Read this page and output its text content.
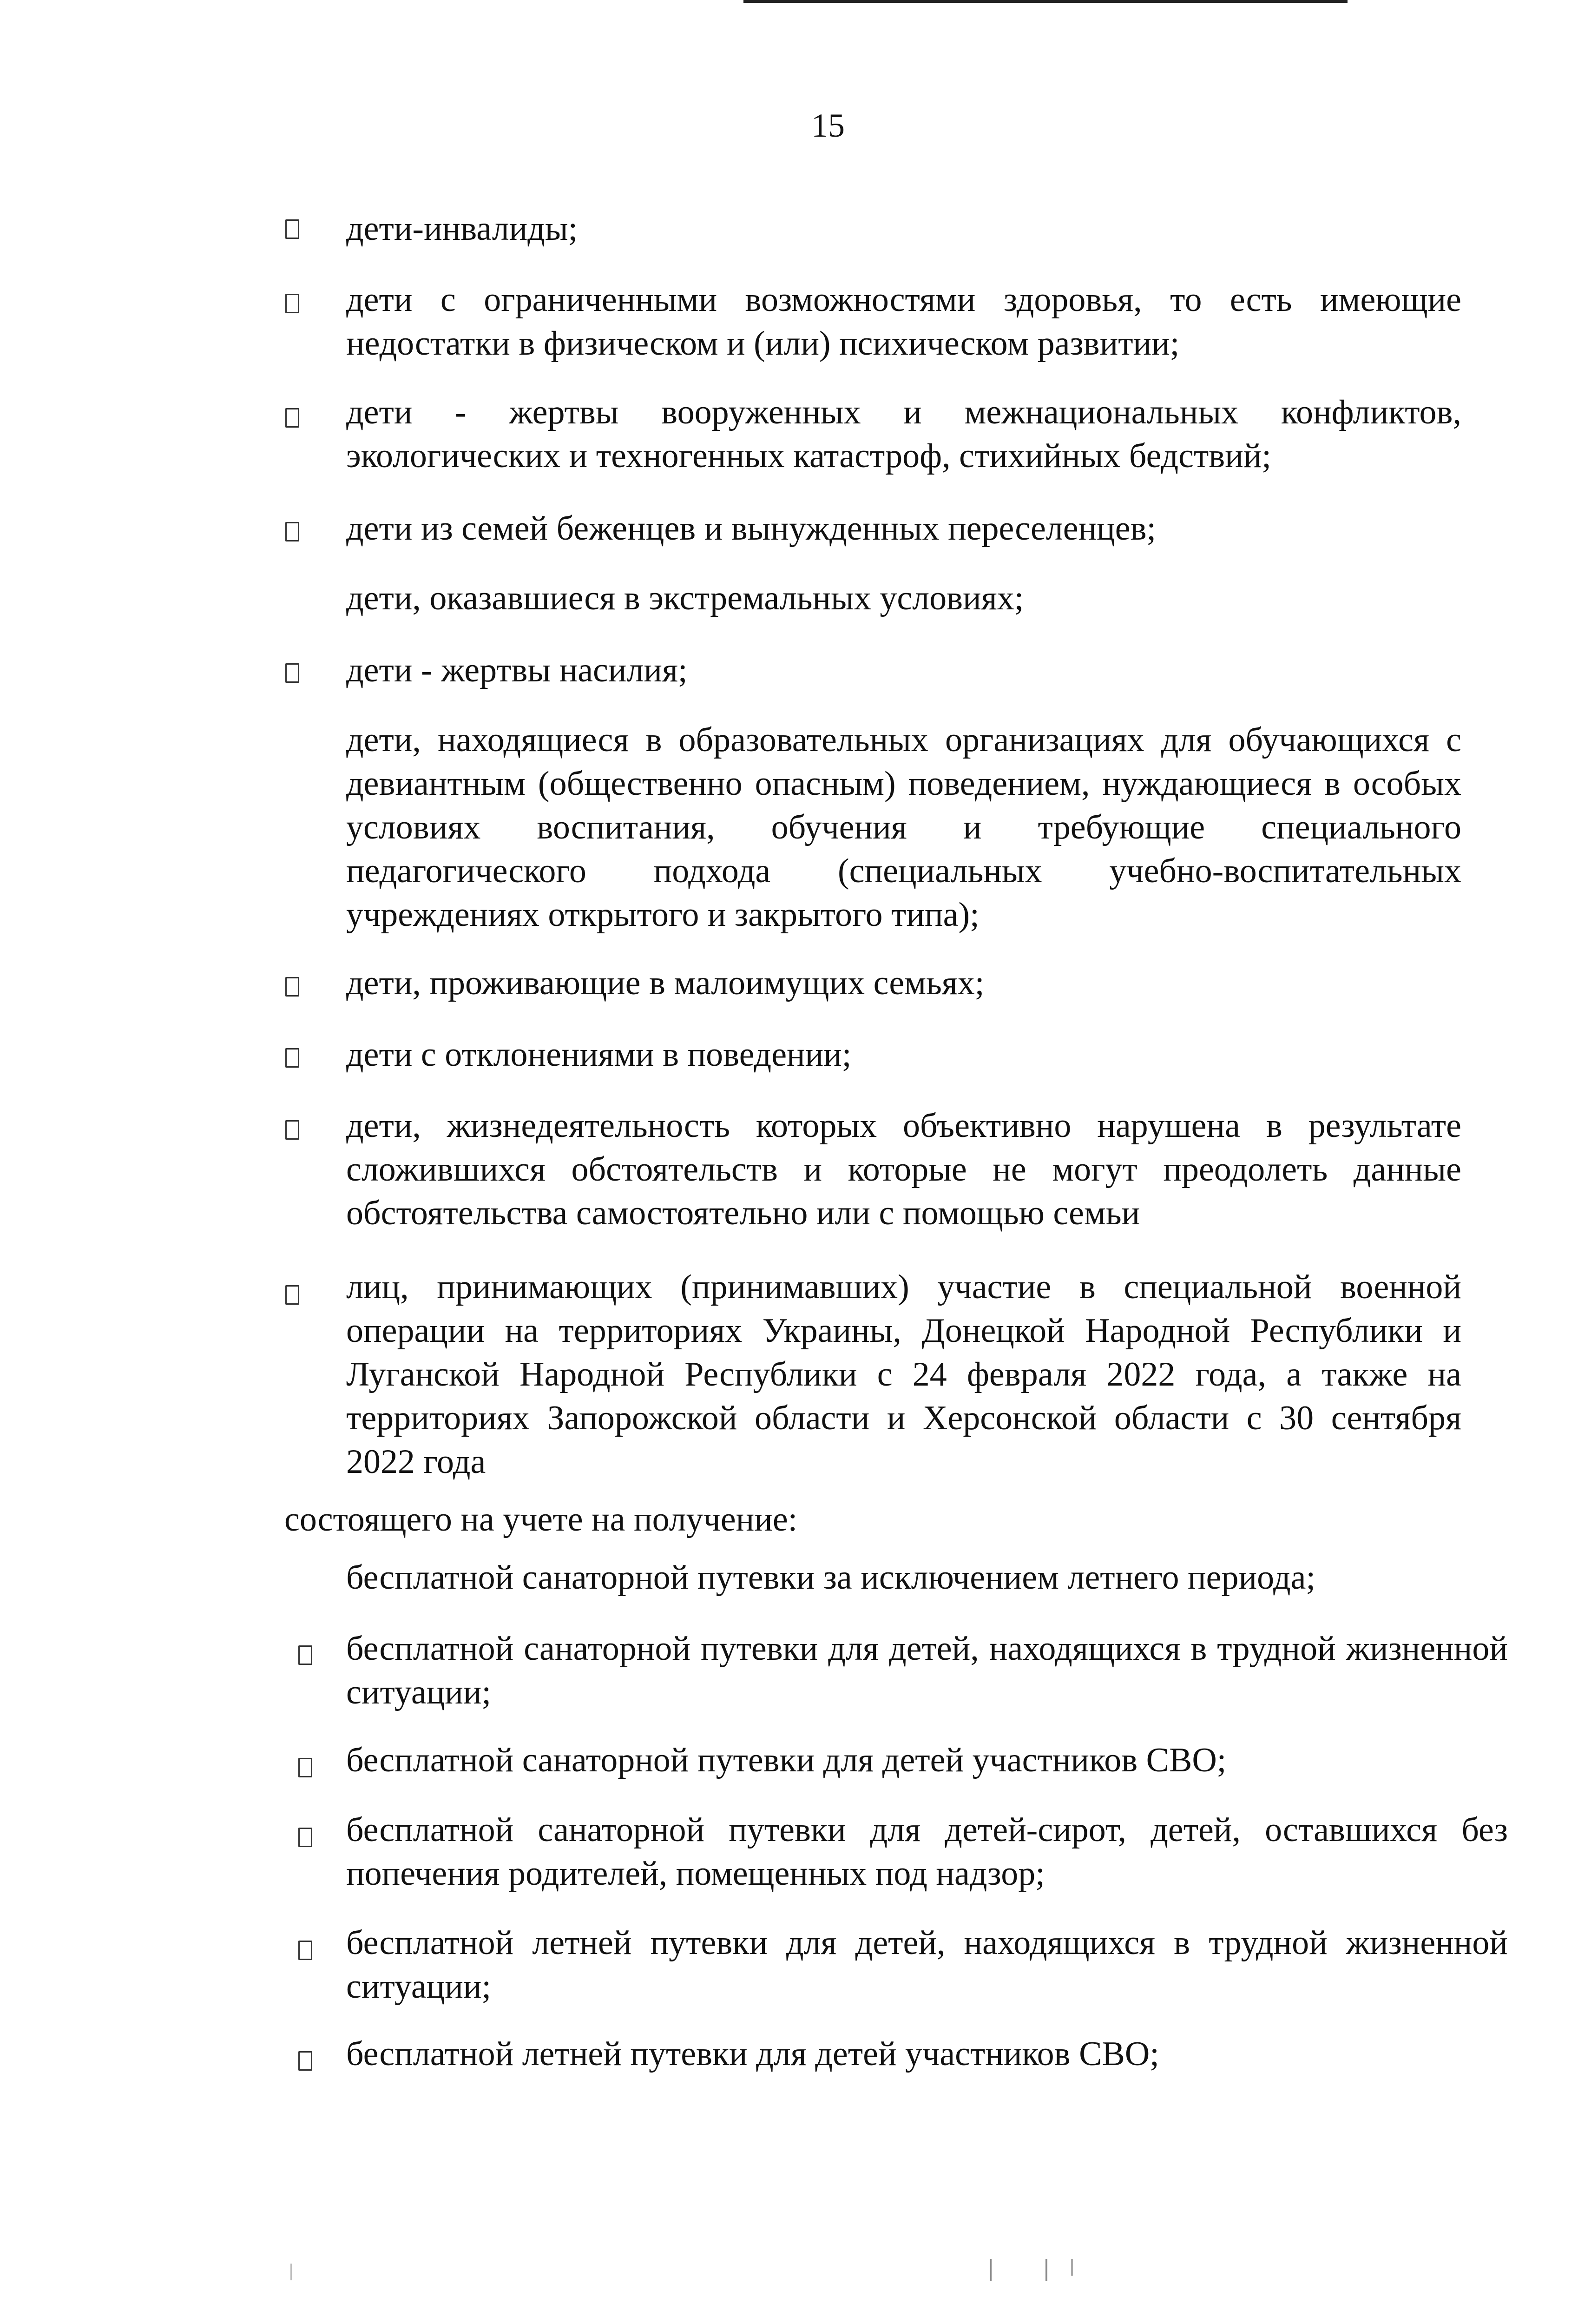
15

дети-инвалиды;

дети с ограниченными возможностями здоровья, то есть имеющие недостатки в физическом и (или) психическом развитии;

дети - жертвы вооруженных и межнациональных конфликтов, экологических и техногенных катастроф, стихийных бедствий;

дети из семей беженцев и вынужденных переселенцев;

дети, оказавшиеся в экстремальных условиях;

дети - жертвы насилия;

дети, находящиеся в образовательных организациях для обучающихся с девиантным (общественно опасным) поведением, нуждающиеся в особых условиях воспитания, обучения и требующие специального педагогического подхода (специальных учебно-воспитательных учреждениях открытого и закрытого типа);

дети, проживающие в малоимущих семьях;

дети с отклонениями в поведении;

дети, жизнедеятельность которых объективно нарушена в результате сложившихся обстоятельств и которые не могут преодолеть данные обстоятельства самостоятельно или с помощью семьи

лиц, принимающих (принимавших) участие в специальной военной операции на территориях Украины, Донецкой Народной Республики и Луганской Народной Республики с 24 февраля 2022 года, а также на территориях Запорожской области и Херсонской области с 30 сентября 2022 года

состоящего на учете на получение:

бесплатной санаторной путевки за исключением летнего периода;

бесплатной санаторной путевки для детей, находящихся в трудной жизненной ситуации;

бесплатной санаторной путевки для детей участников СВО;

бесплатной санаторной путевки для детей-сирот, детей, оставшихся без попечения родителей, помещенных под надзор;

бесплатной летней путевки для детей, находящихся в трудной жизненной ситуации;

бесплатной летней путевки для детей участников СВО;
